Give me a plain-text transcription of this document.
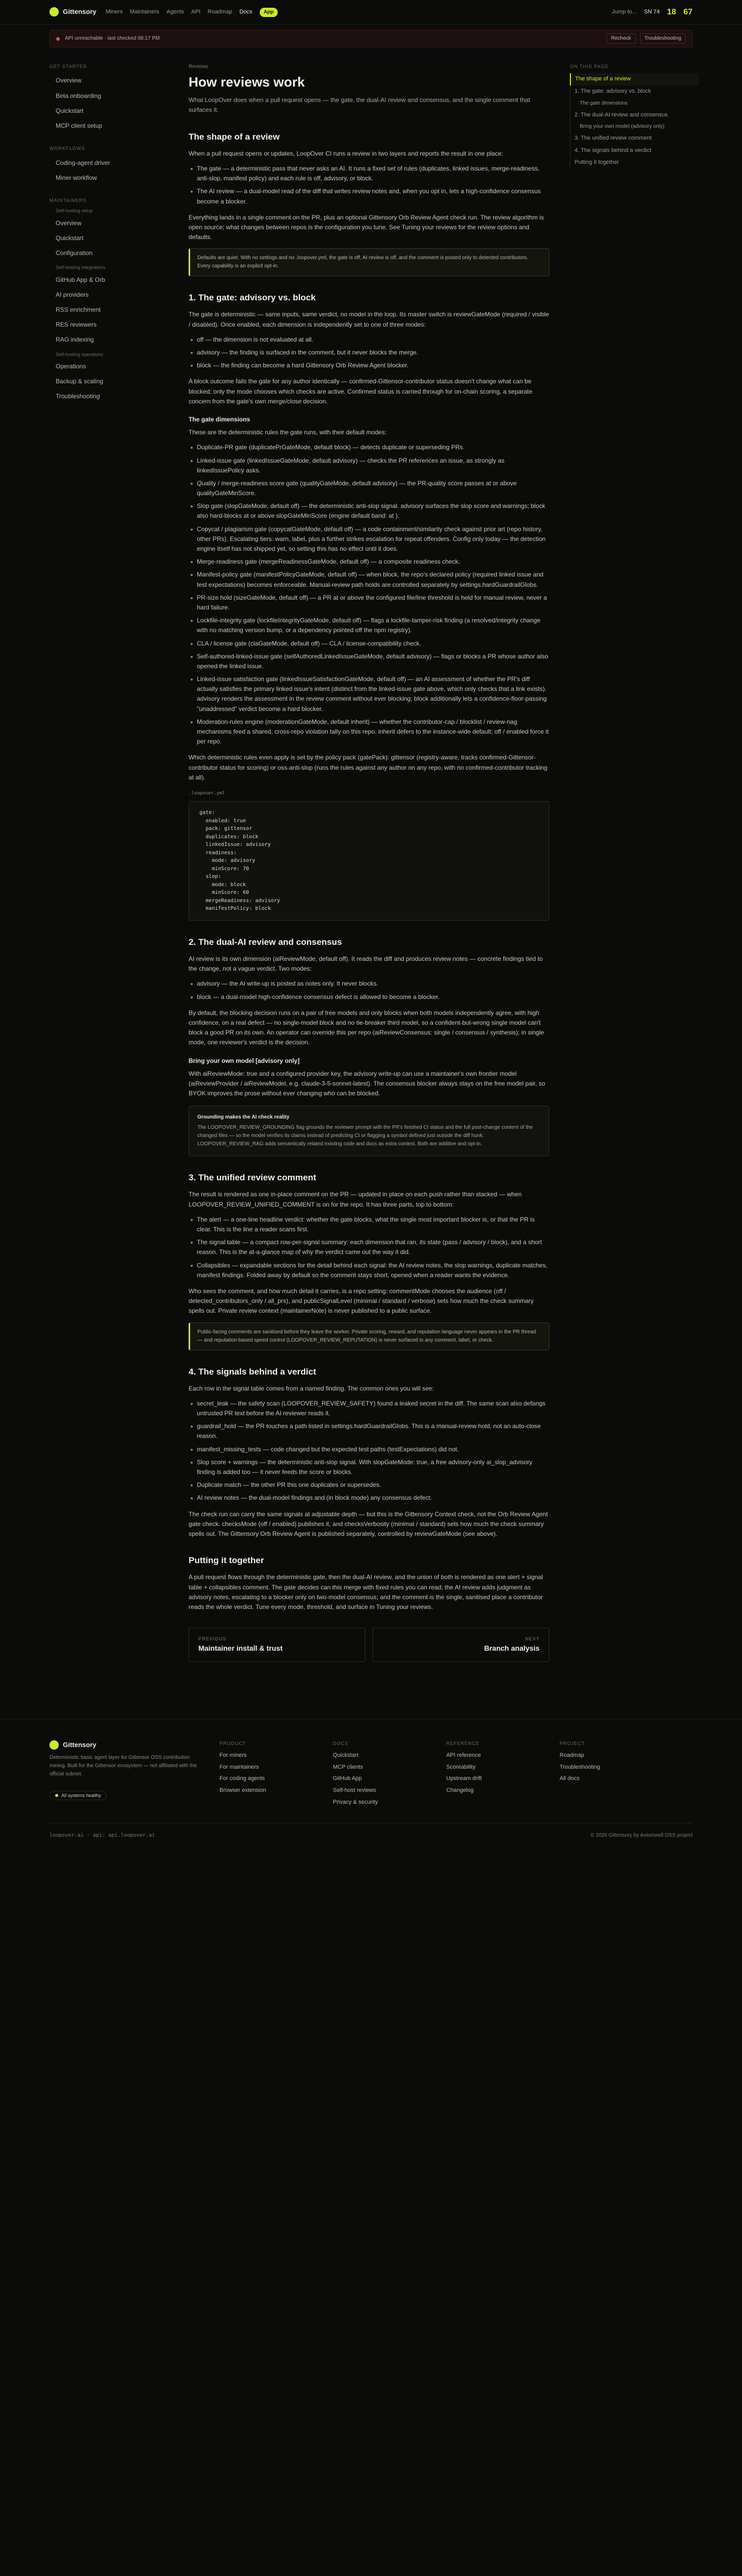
Gittensory Miners Maintainers Agents API Roadmap Docs	App	Jump to... SN 74 18 67
API unreachable · last checked 08:17 PM	Recheck	Troubleshooting
GET STARTED
Overview
Beta onboarding
Quickstart
MCP client setup
WORKFLOWS
Coding-agent driver
Miner workflow
MAINTAINERS
Self-hosting setup
Overview
Quickstart
Configuration
Self-hosting integrations
GitHub App & Orb
AI providers
RSS enrichment
RES reviewers
RAG indexing
Self-hosting operations
Operations
Backup & scaling
Troubleshooting
Reviews
How reviews work

What LoopOver does when a pull request opens — the gate, the dual-AI review and consensus, and the single comment that surfaces it.

The shape of a review

When a pull request opens or updates, LoopOver CI runs a review in two layers and reports the result in one place:

The gate — a deterministic pass that never asks an AI. It runs a fixed set of rules (duplicates, linked issues, merge-readiness, anti-slop, manifest policy) and each rule is off, advisory, or block.
The AI review — a dual-model read of the diff that writes review notes and, when you opt in, lets a high-confidence consensus become a blocker.

Everything lands in a single comment on the PR, plus an optional Gittensory Orb Review Agent check run. The review algorithm is open source; what changes between repos is the configuration you tune. See Tuning your reviews for the review options and defaults.

Defaults are quiet. With no settings and no .loopover.yml, the gate is off, AI review is off, and the comment is posted only to detected contributors. Every capability is an explicit opt-in.
1. The gate: advisory vs. block

The gate is deterministic — same inputs, same verdict, no model in the loop. Its master switch is reviewGateMode (required / visible / disabled). Once enabled, each dimension is independently set to one of three modes:

off — the dimension is not evaluated at all.
advisory — the finding is surfaced in the comment, but it never blocks the merge.
block — the finding can become a hard Gittensory Orb Review Agent blocker.

A block outcome fails the gate for any author identically — confirmed-Gittensor-contributor status doesn't change what can be blocked; only the mode chooses which checks are active. Confirmed status is carried through for on-chain scoring, a separate concern from the gate's own merge/close decision.

The gate dimensions

These are the deterministic rules the gate runs, with their default modes:

Duplicate-PR gate (duplicatePrGateMode, default block) — detects duplicate or superseding PRs.
Linked-issue gate (linkedIssueGateMode, default advisory) — checks the PR references an issue, as strongly as linkedIssuePolicy asks.
Quality / merge-readiness score gate (qualityGateMode, default advisory) — the PR-quality score passes at or above qualityGateMinScore.
Slop gate (slopGateMode, default off) — the deterministic anti-slop signal. advisory surfaces the slop score and warnings; block also hard-blocks at or above slopGateMinScore (engine default band: at ).
Copycat / plagiarism gate (copycatGateMode, default off) — a code containment/similarity check against prior art (repo history, other PRs). Escalating tiers: warn, label, plus a further strikes escalation for repeat offenders. Config only today — the detection engine itself has not shipped yet, so setting this has no effect until it does.
Merge-readiness gate (mergeReadinessGateMode, default off) — a composite readiness check.
Manifest-policy gate (manifestPolicyGateMode, default off) — when block, the repo's declared policy (required linked issue and test expectations) becomes enforceable. Manual-review path holds are controlled separately by settings.hardGuardrailGlobs.
PR-size hold (sizeGateMode, default off) — a PR at or above the configured file/line threshold is held for manual review, never a hard failure.
Lockfile-integrity gate (lockfileIntegrityGateMode, default off) — flags a lockfile-tamper-risk finding (a resolved/integrity change with no matching version bump, or a dependency pointed off the npm registry).
CLA / license gate (claGateMode, default off) — CLA / license-compatibility check.
Self-authored-linked-issue gate (selfAuthoredLinkedIssueGateMode, default advisory) — flags or blocks a PR whose author also opened the linked issue.
Linked-issue satisfaction gate (linkedIssueSatisfactionGateMode, default off) — an AI assessment of whether the PR's diff actually satisfies the primary linked issue's intent (distinct from the linked-issue gate above, which only checks that a link exists). advisory renders the assessment in the review comment without ever blocking; block additionally lets a confidence-floor-passing "unaddressed" verdict become a hard blocker.
Moderation-rules engine (moderationGateMode, default inherit) — whether the contributor-cap / blocklist / review-nag mechanisms feed a shared, cross-repo violation tally on this repo. inherit defers to the instance-wide default; off / enabled force it per repo.

Which deterministic rules even apply is set by the policy pack (gatePack): gittensor (registry-aware, tracks confirmed-Gittensor-contributor status for scoring) or oss-anti-slop (runs the rules against any author on any repo, with no confirmed-contributor tracking at all).

.loopover.yml
gate:
enabled: true
pack: gittensor
duplicates: block
linkedIssue: advisory
readiness:
mode: advisory
minScore: 70
slop:
mode: block
minScore: 60
mergeReadiness: advisory
manifestPolicy: block
2. The dual-AI review and consensus

AI review is its own dimension (aiReviewMode, default off). It reads the diff and produces review notes — concrete findings tied to the change, not a vague verdict. Two modes:

advisory — the AI write-up is posted as notes only. It never blocks.
block — a dual-model high-confidence consensus defect is allowed to become a blocker.

By default, the blocking decision runs on a pair of free models and only blocks when both models independently agree, with high confidence, on a real defect — no single-model block and no tie-breaker third model, so a confident-but-wrong single model can't block a good PR on its own. An operator can override this per repo (aiReviewConsensus: single / consensus / synthesis); in single mode, one reviewer's verdict is the decision.

Bring your own model [advisory only]

With aiReviewMode: true and a configured provider key, the advisory write-up can use a maintainer's own frontier model (aiReviewProvider / aiReviewModel, e.g. claude-3-5-sonnet-latest). The consensus blocker always stays on the free model pair, so BYOK improves the prose without ever changing who can be blocked.

Grounding makes the AI check reality
The LOOPOVER_REVIEW_GROUNDING flag grounds the reviewer prompt with the PR's finished CI status and the full post-change content of the changed files — so the model verifies its claims instead of predicting CI or flagging a symbol defined just outside the diff hunk. LOOPOVER_REVIEW_RAG adds semantically related existing code and docs as extra context. Both are additive and opt-in.
3. The unified review comment

The result is rendered as one in-place comment on the PR — updated in place on each push rather than stacked — when LOOPOVER_REVIEW_UNIFIED_COMMENT is on for the repo. It has three parts, top to bottom:

The alert — a one-line headline verdict: whether the gate blocks, what the single most important blocker is, or that the PR is clear. This is the line a reader scans first.
The signal table — a compact row-per-signal summary: each dimension that ran, its state (pass / advisory / block), and a short reason. This is the at-a-glance map of why the verdict came out the way it did.
Collapsibles — expandable sections for the detail behind each signal: the AI review notes, the slop warnings, duplicate matches, manifest findings. Folded away by default so the comment stays short, opened when a reader wants the evidence.

Who sees the comment, and how much detail it carries, is a repo setting: commentMode chooses the audience (off / detected_contributors_only / all_prs), and publicSignalLevel (minimal / standard / verbose) sets how much the check summary spells out. Private review context (maintainerNote) is never published to a public surface.

Public-facing comments are sanitised before they leave the worker. Private scoring, reward, and reputation language never appears in the PR thread — and reputation-based speed control (LOOPOVER_REVIEW_REPUTATION) is never surfaced in any comment, label, or check.
4. The signals behind a verdict

Each row in the signal table comes from a named finding. The common ones you will see:

secret_leak — the safety scan (LOOPOVER_REVIEW_SAFETY) found a leaked secret in the diff. The same scan also defangs untrusted PR text before the AI reviewer reads it.
guardrail_hold — the PR touches a path listed in settings.hardGuardrailGlobs. This is a manual-review hold, not an auto-close reason.
manifest_missing_tests — code changed but the expected test paths (testExpectations) did not.
Slop score + warnings — the deterministic anti-slop signal. With slopGateMode: true, a free advisory-only ai_slop_advisory finding is added too — it never feeds the score or blocks.
Duplicate match — the other PR this one duplicates or supersedes.
AI review notes — the dual-model findings and (in block mode) any consensus defect.

The check run can carry the same signals at adjustable depth — but this is the Gittensory Context check, not the Orb Review Agent gate check. checksMode (off / enabled) publishes it, and checksVerbosity (minimal / standard) sets how much the check summary spells out. The Gittensory Orb Review Agent is published separately, controlled by reviewGateMode (see above).

Putting it together

A pull request flows through the deterministic gate, then the dual-AI review, and the union of both is rendered as one alert + signal table + collapsibles comment. The gate decides can this merge with fixed rules you can read; the AI review adds judgment as advisory notes, escalating to a blocker only on two-model consensus; and the comment is the single, sanitised place a contributor reads the whole verdict. Tune every mode, threshold, and surface in Tuning your reviews.

PREVIOUS
Maintainer install & trust
NEXT
Branch analysis
ON THIS PAGE
The shape of a review
1. The gate: advisory vs. block
The gate dimensions
2. The dual-AI review and consensus
Bring your own model (advisory only)
3. The unified review comment
4. The signals behind a verdict
Putting it together
Gittensory

Deterministic basic agent layer for Gittensor OSS contribution mining. Built for the Gittensor ecosystem — not affiliated with the official subnet.

All systems healthy
PRODUCT
For miners
For maintainers
For coding agents
Browser extension
DOCS
Quickstart
MCP clients
GitHub App
Self-host reviews
Privacy & security
REFERENCE
API reference
Scoreability
Upstream drift
Changelog
PROJECT
Roadmap
Troubleshooting
All docs
loopover.ai · api: api.loopover.ai	© 2026 Gittensory by Axiomwell OSS project
